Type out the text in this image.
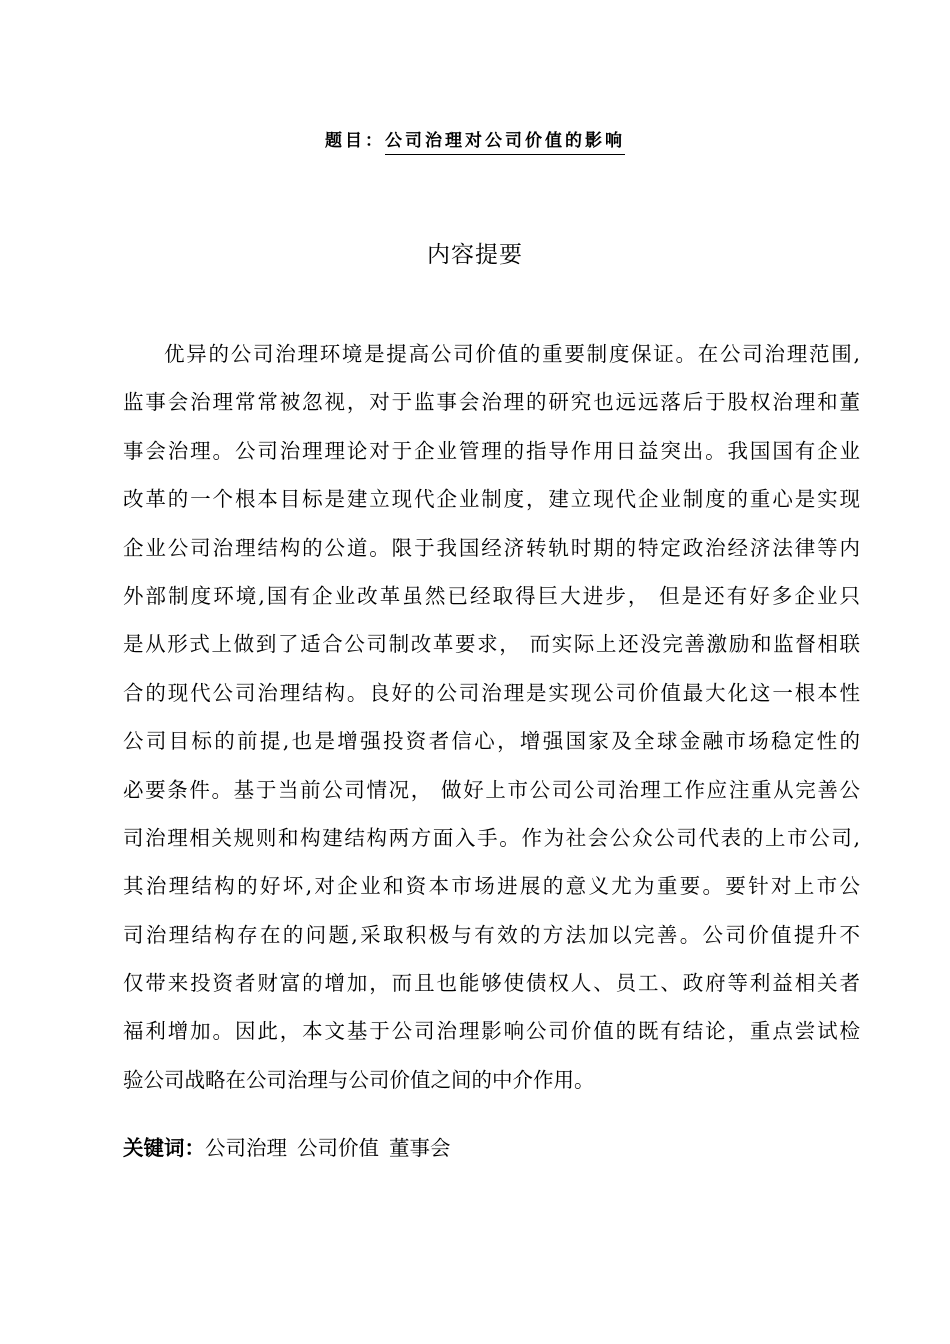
题目：公司治理对公司价值的影响
内容提要
优异的公司治理环境是提高公司价值的重要制度保证。在公司治理范围,
监事会治理常常被忽视，对于监事会治理的研究也远远落后于股权治理和董
事会治理。公司治理理论对于企业管理的指导作用日益突出。我国国有企业
改革的一个根本目标是建立现代企业制度，建立现代企业制度的重心是实现
企业公司治理结构的公道。限于我国经济转轨时期的特定政治经济法律等内
外部制度环境,国有企业改革虽然已经取得巨大进步， 但是还有好多企业只
是从形式上做到了适合公司制改革要求， 而实际上还没完善激励和监督相联
合的现代公司治理结构。良好的公司治理是实现公司价值最大化这一根本性
公司目标的前提,也是增强投资者信心，增强国家及全球金融市场稳定性的
必要条件。基于当前公司情况， 做好上市公司公司治理工作应注重从完善公
司治理相关规则和构建结构两方面入手。作为社会公众公司代表的上市公司,
其治理结构的好坏,对企业和资本市场进展的意义尤为重要。要针对上市公
司治理结构存在的问题,采取积极与有效的方法加以完善。公司价值提升不
仅带来投资者财富的增加，而且也能够使债权人、员工、政府等利益相关者
福利增加。因此，本文基于公司治理影响公司价值的既有结论，重点尝试检
验公司战略在公司治理与公司价值之间的中介作用。
关键词：公司治理 公司价值 董事会
